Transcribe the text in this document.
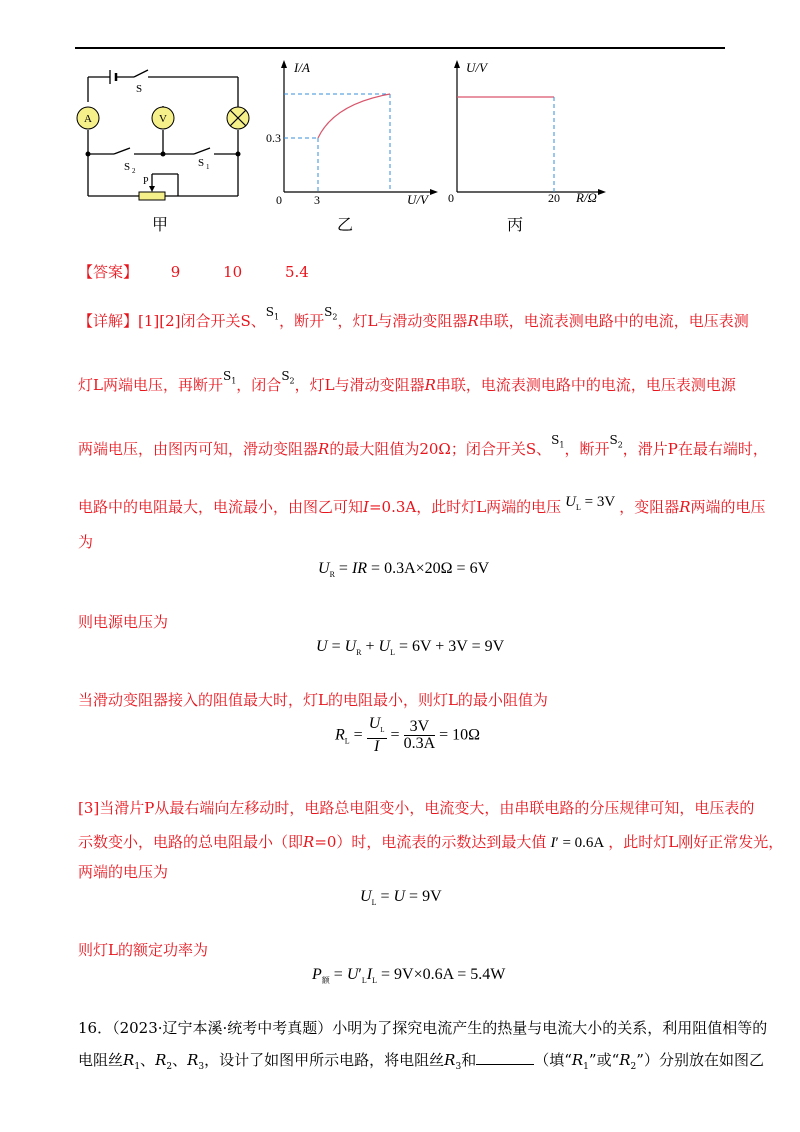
A	V
S
S 2
S 1
P
甲
I/A
U/V
0
0.3
3
乙
U/V
R/Ω
0	20
丙
【答案】 9	10	5.4
【详解】[1][2]闭合开关S、$^{S_1}$，断开$^{S_2}$，灯L与滑动变阻器R串联，电流表测电路中的电流，电压表测
灯L两端电压，再断开$^{S_1}$，闭合$^{S_2}$，灯L与滑动变阻器R串联，电流表测电路中的电流，电压表测电源
两端电压，由图丙可知，滑动变阻器R的最大阻值为20Ω；闭合开关S、$^{S_1}$，断开$^{S_2}$，滑片P在最右端时，
电路中的电阻最大，电流最小，由图乙可知I=0.3A，此时灯L两端的电压 $U_L = 3V$ ，变阻器R两端的电压
为
$U_R$ = IR = 0.3A×20Ω = 6V
则电源电压为
$U = U_R + U_L = 6V + 3V = 9V$
当滑动变阻器接入的阻值最大时，灯L的电阻最小，则灯L的最小阻值为
$R_L = \frac{U_L}{I} = \frac{3V}{0.3A} = 10\Omega$
[3]当滑片P从最右端向左移动时，电路总电阻变小，电流变大，由串联电路的分压规律可知，电压表的
示数变小，电路的总电阻最小（即R=0）时，电流表的示数达到最大值 I′ = 0.6A ，此时灯L刚好正常发光，
两端的电压为
$U_L = U = 9V$
则灯L的额定功率为
$P_额 = U'_LI_L = 9V\times 0.6A = 5.4W$
16．（2023·辽宁本溪·统考中考真题）小明为了探究电流产生的热量与电流大小的关系，利用阻值相等的
电阻丝$R_1$、$R_2$、$R_3$，设计了如图甲所示电路，将电阻丝$R_3$和	（填“$R_1$”或“$R_2$”）分别放在如图乙
